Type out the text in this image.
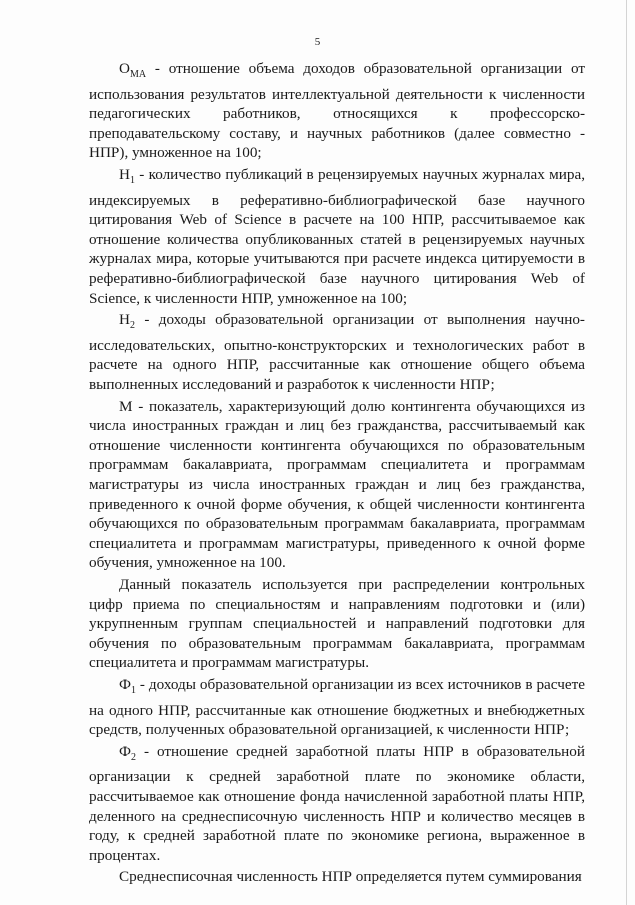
5

$О_{МА}$ - отношение объема доходов образовательной организации от использования результатов интеллектуальной деятельности к численности педагогических работников, относящихся к профессорско-преподавательскому составу, и научных работников (далее совместно - НПР), умноженное на 100;

$Н_1$ - количество публикаций в рецензируемых научных журналах мира, индексируемых в реферативно-библиографической базе научного цитирования Web of Science в расчете на 100 НПР, рассчитываемое как отношение количества опубликованных статей в рецензируемых научных журналах мира, которые учитываются при расчете индекса цитируемости в реферативно-библиографической базе научного цитирования Web of Science, к численности НПР, умноженное на 100;

$Н_2$ - доходы образовательной организации от выполнения научно-исследовательских, опытно-конструкторских и технологических работ в расчете на одного НПР, рассчитанные как отношение общего объема выполненных исследований и разработок к численности НПР;

М - показатель, характеризующий долю контингента обучающихся из числа иностранных граждан и лиц без гражданства, рассчитываемый как отношение численности контингента обучающихся по образовательным программам бакалавриата, программам специалитета и программам магистратуры из числа иностранных граждан и лиц без гражданства, приведенного к очной форме обучения, к общей численности контингента обучающихся по образовательным программам бакалавриата, программам специалитета и программам магистратуры, приведенного к очной форме обучения, умноженное на 100.

Данный показатель используется при распределении контрольных цифр приема по специальностям и направлениям подготовки и (или) укрупненным группам специальностей и направлений подготовки для обучения по образовательным программам бакалавриата, программам специалитета и программам магистратуры.

$Ф_1$ - доходы образовательной организации из всех источников в расчете на одного НПР, рассчитанные как отношение бюджетных и внебюджетных средств, полученных образовательной организацией, к численности НПР;

$Ф_2$ - отношение средней заработной платы НПР в образовательной организации к средней заработной плате по экономике области, рассчитываемое как отношение фонда начисленной заработной платы НПР, деленного на среднесписочную численность НПР и количество месяцев в году, к средней заработной плате по экономике региона, выраженное в процентах.

Среднесписочная численность НПР определяется путем суммирования
